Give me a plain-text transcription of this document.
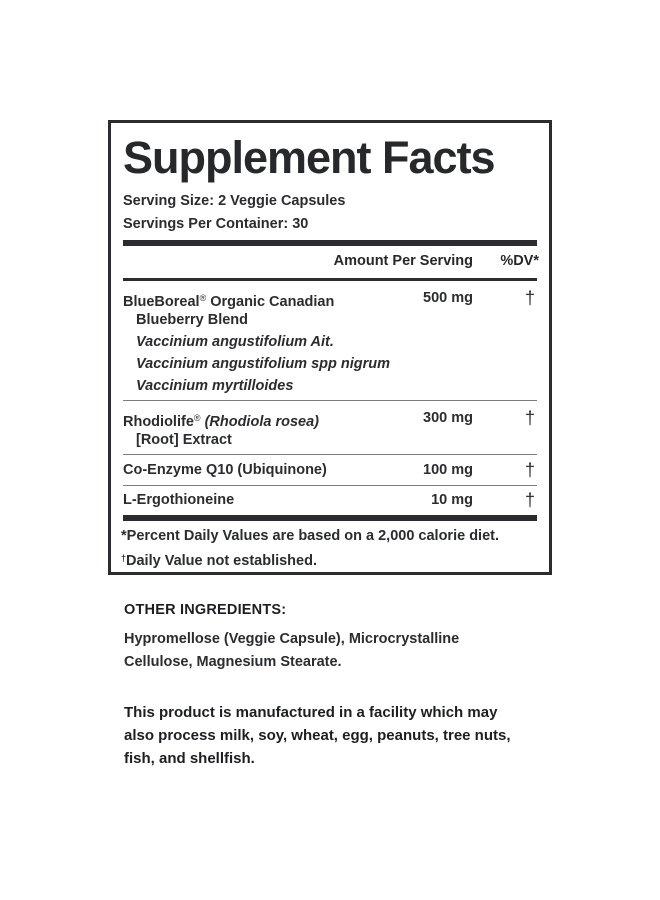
Supplement Facts
Serving Size: 2 Veggie Capsules
Servings Per Container: 30
Amount Per Serving %DV*
BlueBoreal® Organic Canadian
Blueberry Blend
Vaccinium angustifolium Ait.
Vaccinium angustifolium spp nigrum
Vaccinium myrtilloides
500 mg	†
Rhodiolife® (Rhodiola rosea)
[Root] Extract
300 mg	†
Co-Enzyme Q10 (Ubiquinone)	100 mg	†
L-Ergothioneine	10 mg	†
*Percent Daily Values are based on a 2,000 calorie diet.
†Daily Value not established.
OTHER INGREDIENTS:
Hypromellose (Veggie Capsule), Microcrystalline Cellulose, Magnesium Stearate.
This product is manufactured in a facility which may also process milk, soy, wheat, egg, peanuts, tree nuts, fish, and shellfish.
